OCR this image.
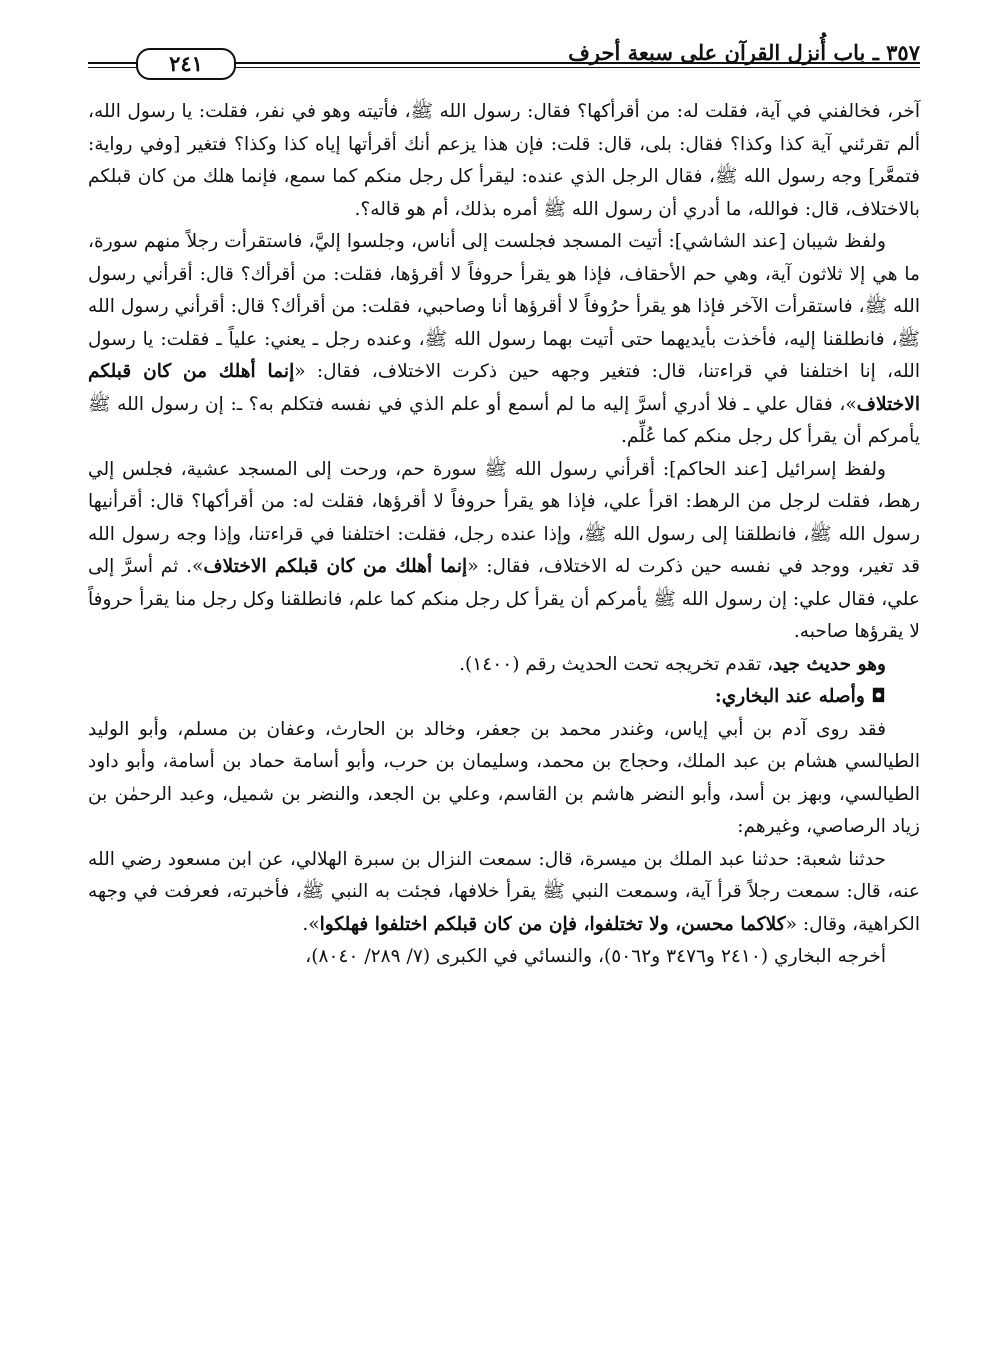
٢٤١	٣٥٧ ـ باب أُنزل القرآن على سبعة أحرف

آخر، فخالفني في آية، فقلت له: من أقرأكها؟ فقال: رسول الله ﷺ، فأتيته وهو في نفر، فقلت: يا رسول الله، ألم تقرئني آية كذا وكذا؟ فقال: بلى، قال: قلت: فإن هذا يزعم أنك أقرأتها إياه كذا وكذا؟ فتغير [وفي رواية: فتمعَّر] وجه رسول الله ﷺ، فقال الرجل الذي عنده: ليقرأ كل رجل منكم كما سمع، فإنما هلك من كان قبلكم بالاختلاف، قال: فوالله، ما أدري أن رسول الله ﷺ أمره بذلك، أم هو قاله؟.

ولفظ شيبان [عند الشاشي]: أتيت المسجد فجلست إلى أناس، وجلسوا إليَّ، فاستقرأت رجلاً منهم سورة، ما هي إلا ثلاثون آية، وهي حم الأحقاف، فإذا هو يقرأ حروفاً لا أقرؤها، فقلت: من أقرأك؟ قال: أقرأني رسول الله ﷺ، فاستقرأت الآخر فإذا هو يقرأ حرُوفاً لا أقرؤها أنا وصاحبي، فقلت: من أقرأك؟ قال: أقرأني رسول الله ﷺ، فانطلقنا إليه، فأخذت بأيديهما حتى أتيت بهما رسول الله ﷺ، وعنده رجل ـ يعني: علياً ـ فقلت: يا رسول الله، إنا اختلفنا في قراءتنا، قال: فتغير وجهه حين ذكرت الاختلاف، فقال: «إنما أهلك من كان قبلكم الاختلاف»، فقال علي ـ فلا أدري أسرَّ إليه ما لم أسمع أو علم الذي في نفسه فتكلم به؟ ـ: إن رسول الله ﷺ يأمركم أن يقرأ كل رجل منكم كما عُلِّم.

ولفظ إسرائيل [عند الحاكم]: أقرأني رسول الله ﷺ سورة حم، ورحت إلى المسجد عشية، فجلس إلي رهط، فقلت لرجل من الرهط: اقرأ علي، فإذا هو يقرأ حروفاً لا أقرؤها، فقلت له: من أقرأكها؟ قال: أقرأنيها رسول الله ﷺ، فانطلقنا إلى رسول الله ﷺ، وإذا عنده رجل، فقلت: اختلفنا في قراءتنا، وإذا وجه رسول الله قد تغير، ووجد في نفسه حين ذكرت له الاختلاف، فقال: «إنما أهلك من كان قبلكم الاختلاف». ثم أسرَّ إلى علي، فقال علي: إن رسول الله ﷺ يأمركم أن يقرأ كل رجل منكم كما علم، فانطلقنا وكل رجل منا يقرأ حروفاً لا يقرؤها صاحبه.

وهو حديث جيد، تقدم تخريجه تحت الحديث رقم (١٤٠٠).

◘ وأصله عند البخاري:

فقد روى آدم بن أبي إياس، وغندر محمد بن جعفر، وخالد بن الحارث، وعفان بن مسلم، وأبو الوليد الطيالسي هشام بن عبد الملك، وحجاج بن محمد، وسليمان بن حرب، وأبو أسامة حماد بن أسامة، وأبو داود الطيالسي، وبهز بن أسد، وأبو النضر هاشم بن القاسم، وعلي بن الجعد، والنضر بن شميل، وعبد الرحمٰن بن زياد الرصاصي، وغيرهم:

حدثنا شعبة: حدثنا عبد الملك بن ميسرة، قال: سمعت النزال بن سبرة الهلالي، عن ابن مسعود رضي الله عنه، قال: سمعت رجلاً قرأ آية، وسمعت النبي ﷺ يقرأ خلافها، فجئت به النبي ﷺ، فأخبرته، فعرفت في وجهه الكراهية، وقال: «كلاكما محسن، ولا تختلفوا، فإن من كان قبلكم اختلفوا فهلكوا».

أخرجه البخاري (٢٤١٠ و٣٤٧٦ و٥٠٦٢)، والنسائي في الكبرى (٧/ ٢٨٩/ ٨٠٤٠)،
